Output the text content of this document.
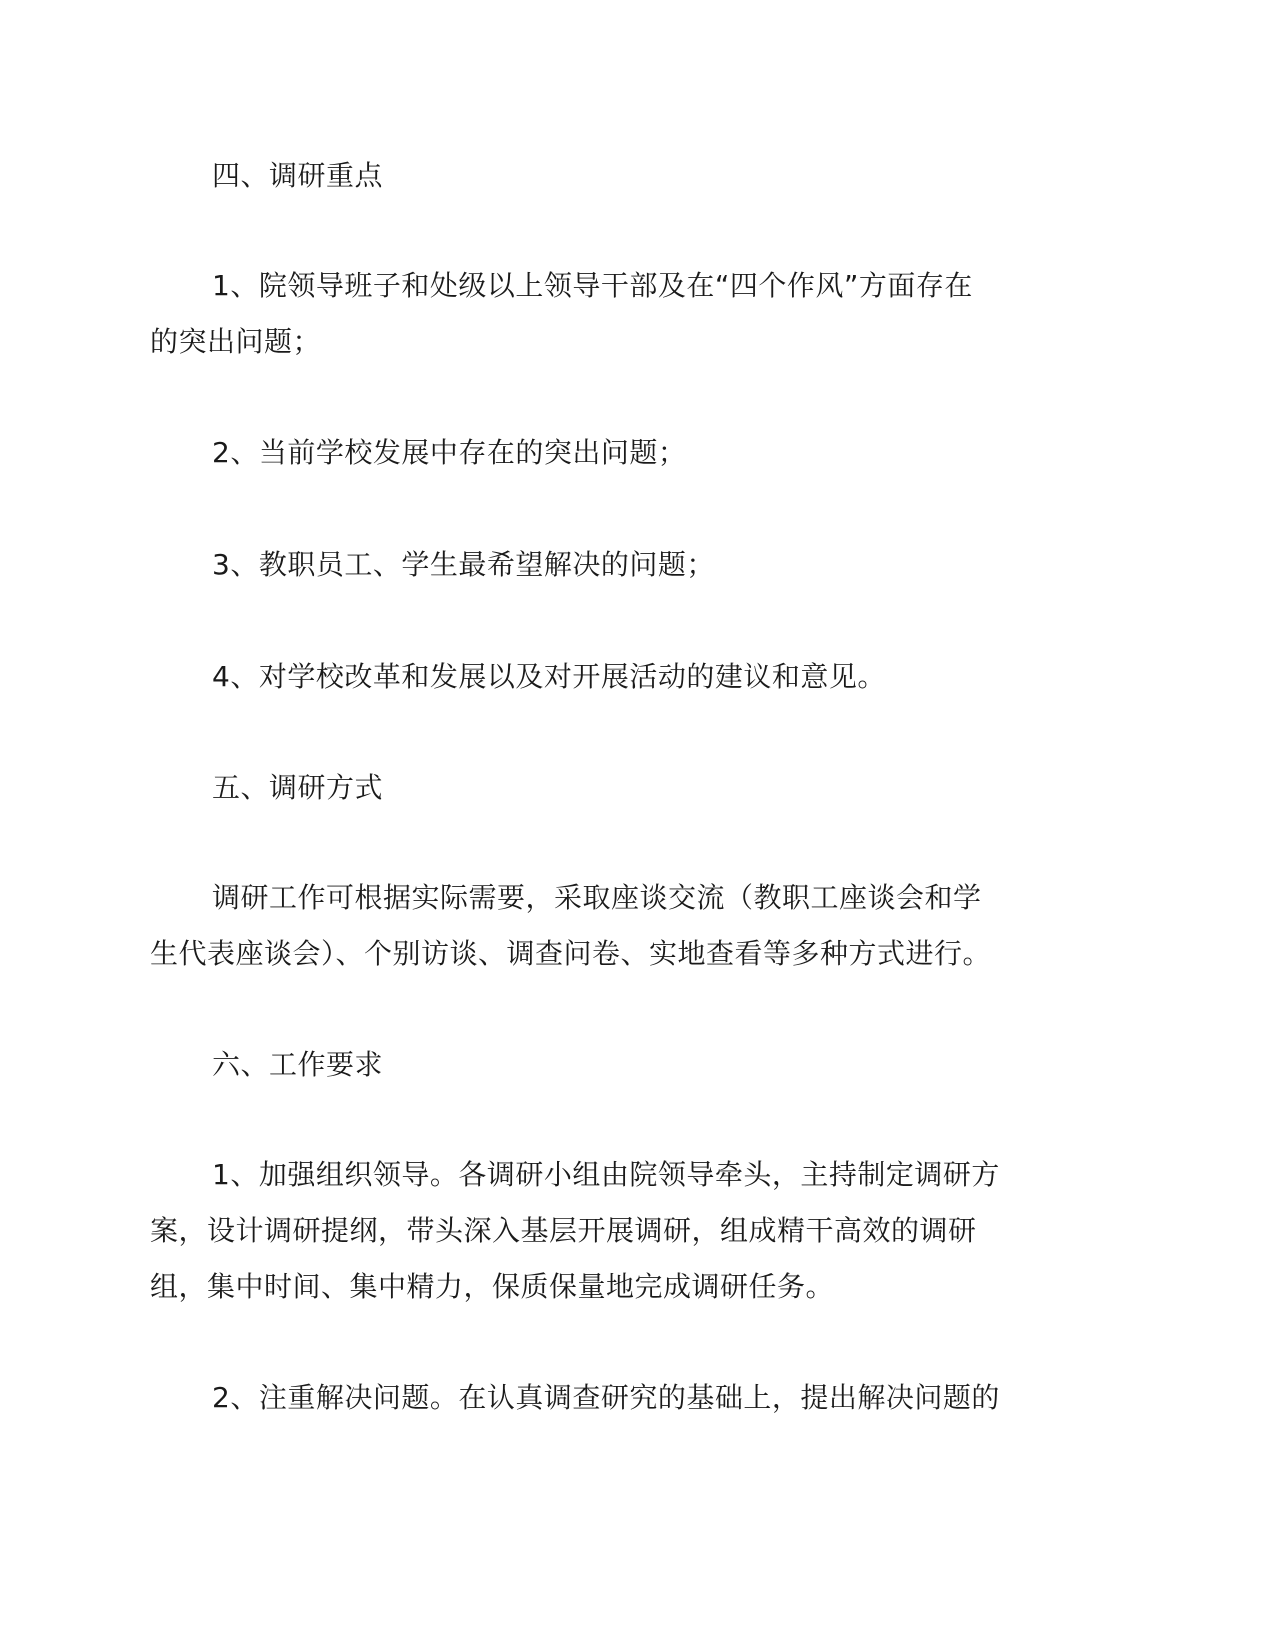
四、调研重点

1、院领导班子和处级以上领导干部及在“四个作风”方面存在

的突出问题；

2、当前学校发展中存在的突出问题；

3、教职员工、学生最希望解决的问题；

4、对学校改革和发展以及对开展活动的建议和意见。

五、调研方式

调研工作可根据实际需要，采取座谈交流（教职工座谈会和学

生代表座谈会）、个别访谈、调查问卷、实地查看等多种方式进行。

六、工作要求

1、加强组织领导。各调研小组由院领导牵头，主持制定调研方

案，设计调研提纲，带头深入基层开展调研，组成精干高效的调研

组，集中时间、集中精力，保质保量地完成调研任务。

2、注重解决问题。在认真调查研究的基础上，提出解决问题的
